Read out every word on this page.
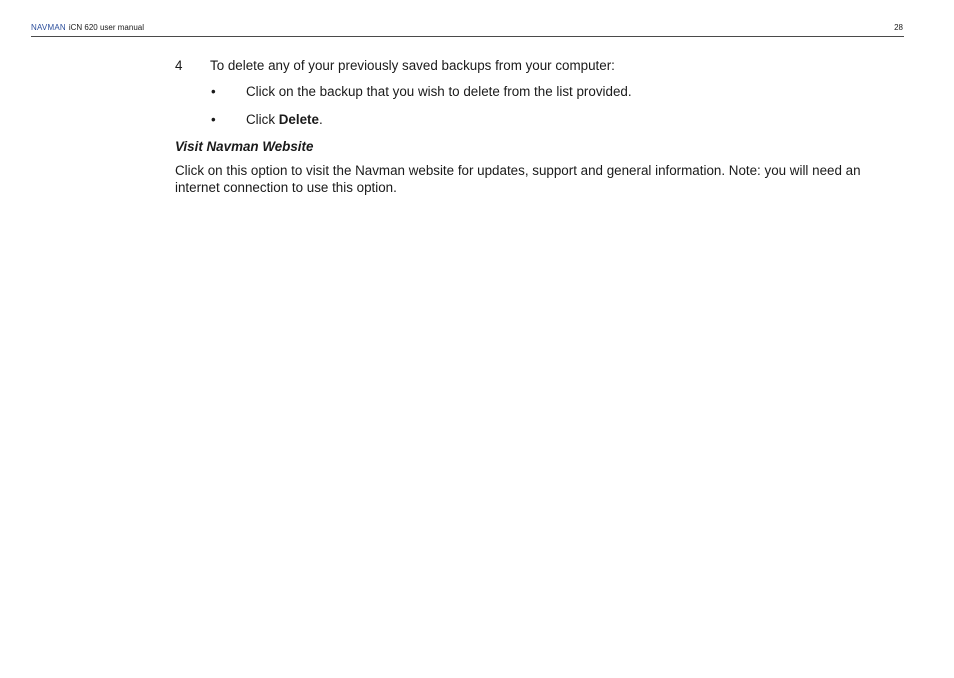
NAVMAN iCN 620 user manual	28
4	To delete any of your previously saved backups from your computer:
•	Click on the backup that you wish to delete from the list provided.
•	Click Delete.
Visit Navman Website

Click on this option to visit the Navman website for updates, support and general information. Note: you will need an internet connection to use this option.
